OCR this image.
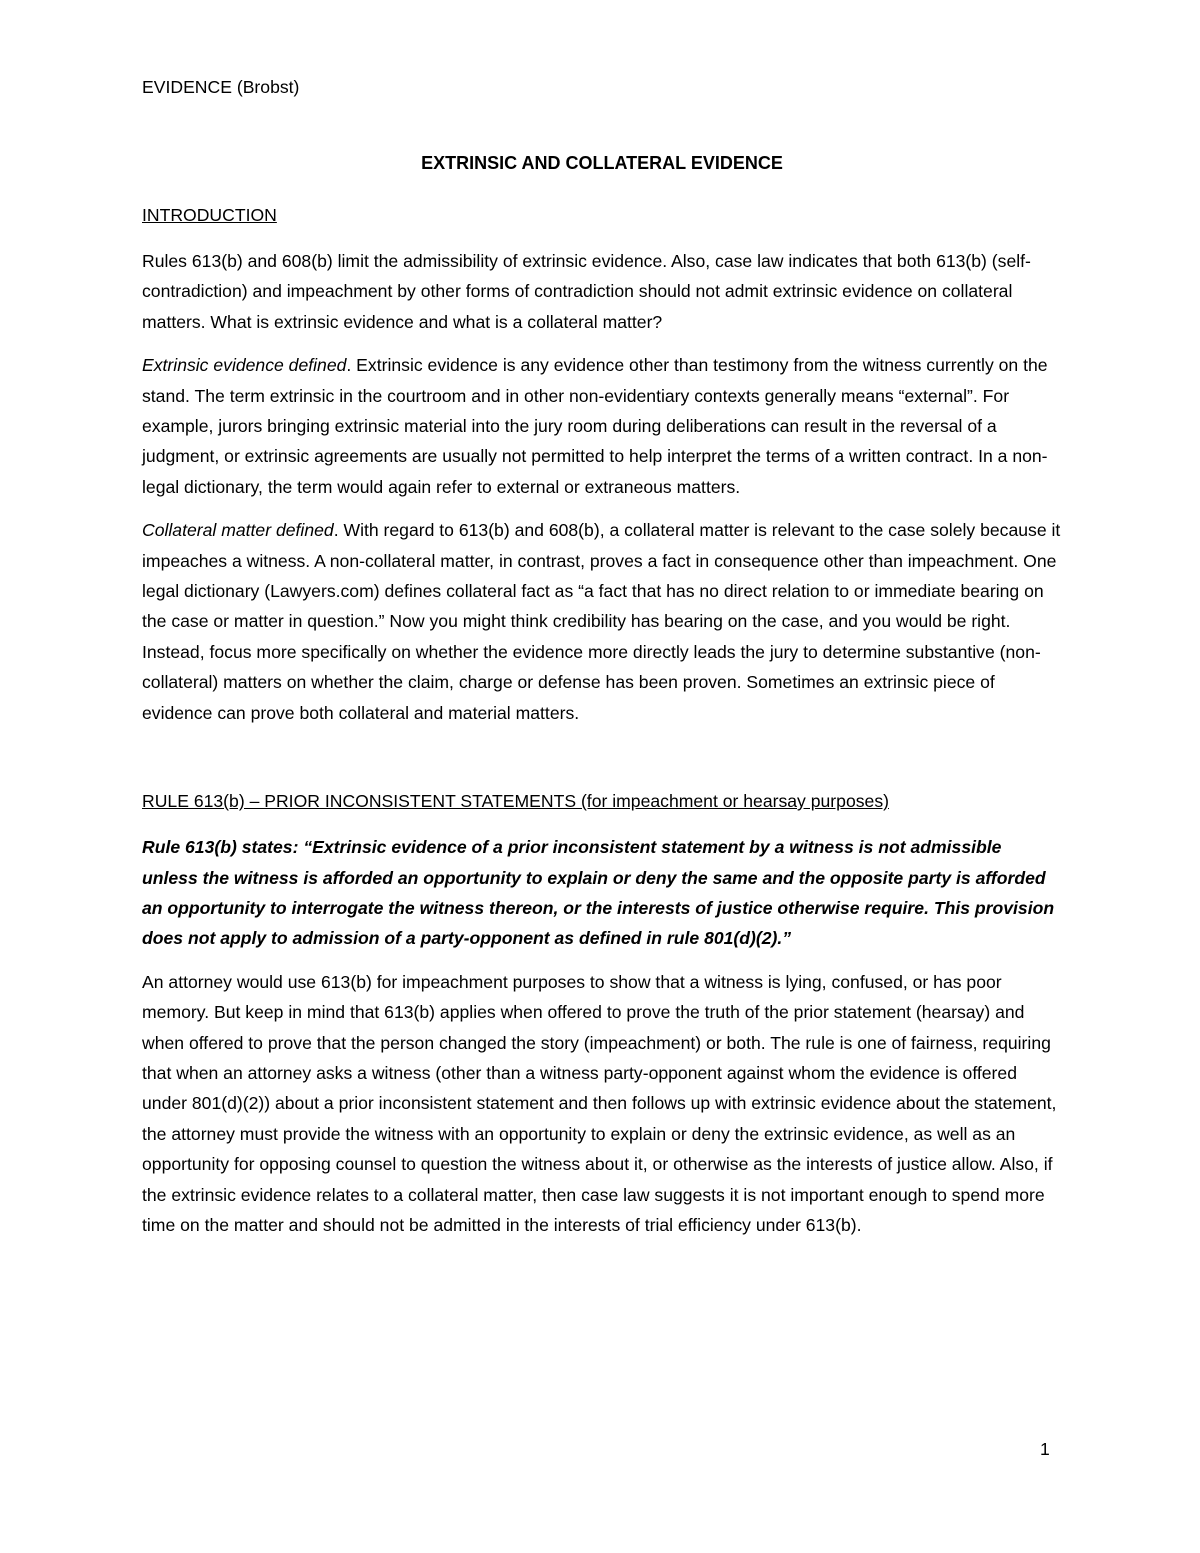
EVIDENCE (Brobst)
EXTRINSIC AND COLLATERAL EVIDENCE
INTRODUCTION

Rules 613(b) and 608(b) limit the admissibility of extrinsic evidence. Also, case law indicates that both 613(b) (self-contradiction) and impeachment by other forms of contradiction should not admit extrinsic evidence on collateral matters. What is extrinsic evidence and what is a collateral matter?

Extrinsic evidence defined. Extrinsic evidence is any evidence other than testimony from the witness currently on the stand. The term extrinsic in the courtroom and in other non-evidentiary contexts generally means “external”. For example, jurors bringing extrinsic material into the jury room during deliberations can result in the reversal of a judgment, or extrinsic agreements are usually not permitted to help interpret the terms of a written contract. In a non-legal dictionary, the term would again refer to external or extraneous matters.

Collateral matter defined. With regard to 613(b) and 608(b), a collateral matter is relevant to the case solely because it impeaches a witness. A non-collateral matter, in contrast, proves a fact in consequence other than impeachment. One legal dictionary (Lawyers.com) defines collateral fact as “a fact that has no direct relation to or immediate bearing on the case or matter in question.” Now you might think credibility has bearing on the case, and you would be right. Instead, focus more specifically on whether the evidence more directly leads the jury to determine substantive (non-collateral) matters on whether the claim, charge or defense has been proven. Sometimes an extrinsic piece of evidence can prove both collateral and material matters.

RULE 613(b) – PRIOR INCONSISTENT STATEMENTS (for impeachment or hearsay purposes)

Rule 613(b) states: “Extrinsic evidence of a prior inconsistent statement by a witness is not admissible unless the witness is afforded an opportunity to explain or deny the same and the opposite party is afforded an opportunity to interrogate the witness thereon, or the interests of justice otherwise require. This provision does not apply to admission of a party-opponent as defined in rule 801(d)(2).”

An attorney would use 613(b) for impeachment purposes to show that a witness is lying, confused, or has poor memory. But keep in mind that 613(b) applies when offered to prove the truth of the prior statement (hearsay) and when offered to prove that the person changed the story (impeachment) or both. The rule is one of fairness, requiring that when an attorney asks a witness (other than a witness party-opponent against whom the evidence is offered under 801(d)(2)) about a prior inconsistent statement and then follows up with extrinsic evidence about the statement, the attorney must provide the witness with an opportunity to explain or deny the extrinsic evidence, as well as an opportunity for opposing counsel to question the witness about it, or otherwise as the interests of justice allow. Also, if the extrinsic evidence relates to a collateral matter, then case law suggests it is not important enough to spend more time on the matter and should not be admitted in the interests of trial efficiency under 613(b).

1
